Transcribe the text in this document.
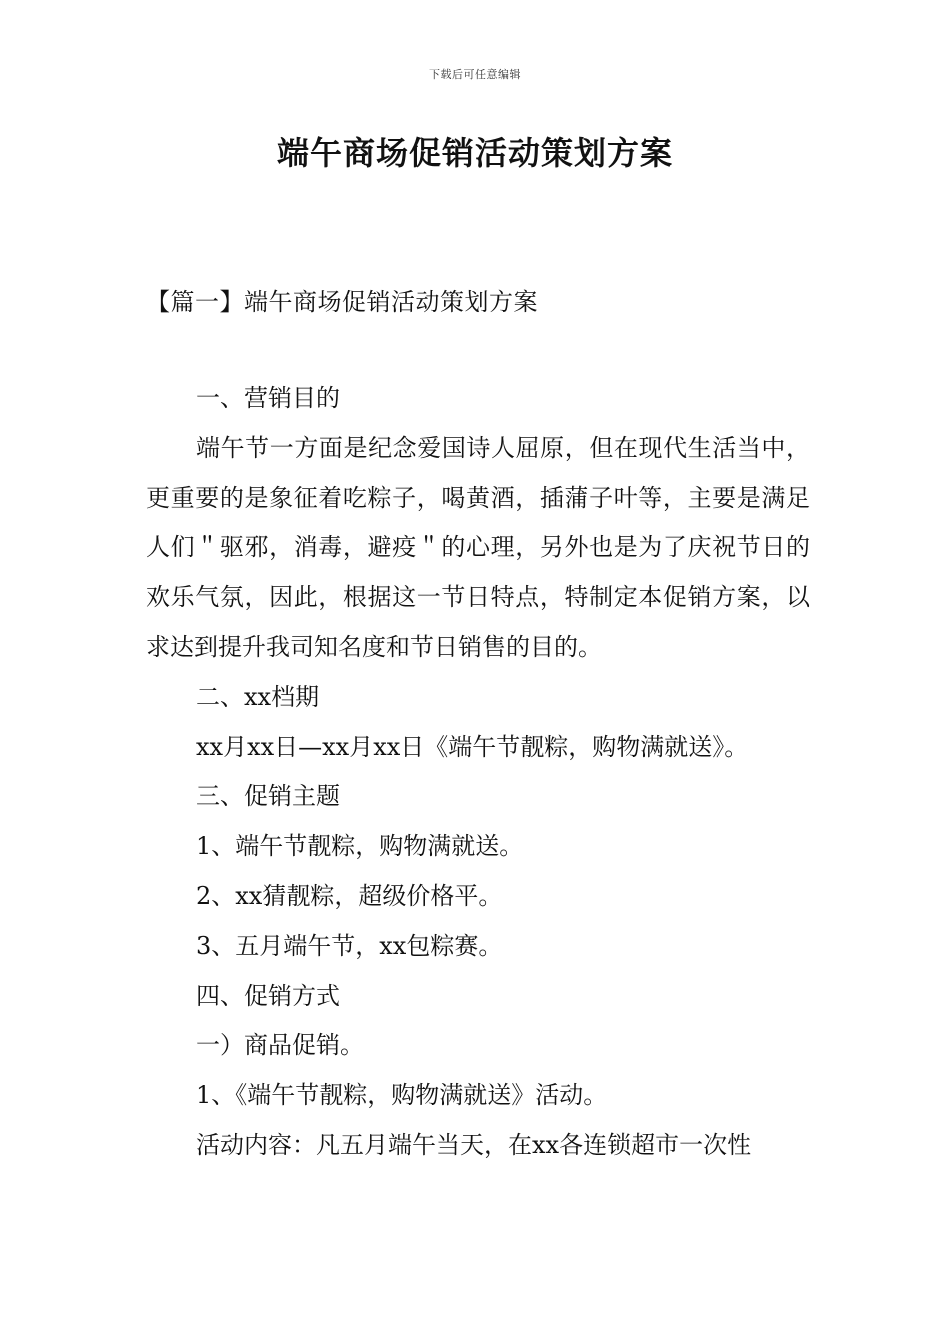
下载后可任意编辑
端午商场促销活动策划方案
【篇一】端午商场促销活动策划方案

一、营销目的

端午节一方面是纪念爱国诗人屈原，但在现代生活当中，更重要的是象征着吃粽子，喝黄酒，插蒲子叶等，主要是满足人们＂驱邪，消毒，避疫＂的心理，另外也是为了庆祝节日的欢乐气氛，因此，根据这一节日特点，特制定本促销方案，以求达到提升我司知名度和节日销售的目的。

二、xx档期

xx月xx日—xx月xx日《端午节靓粽，购物满就送》。

三、促销主题

1、端午节靓粽，购物满就送。

2、xx猜靓粽，超级价格平。

3、五月端午节，xx包粽赛。

四、促销方式

一）商品促销。

1、《端午节靓粽，购物满就送》活动。

活动内容：凡五月端午当天，在xx各连锁超市一次性
